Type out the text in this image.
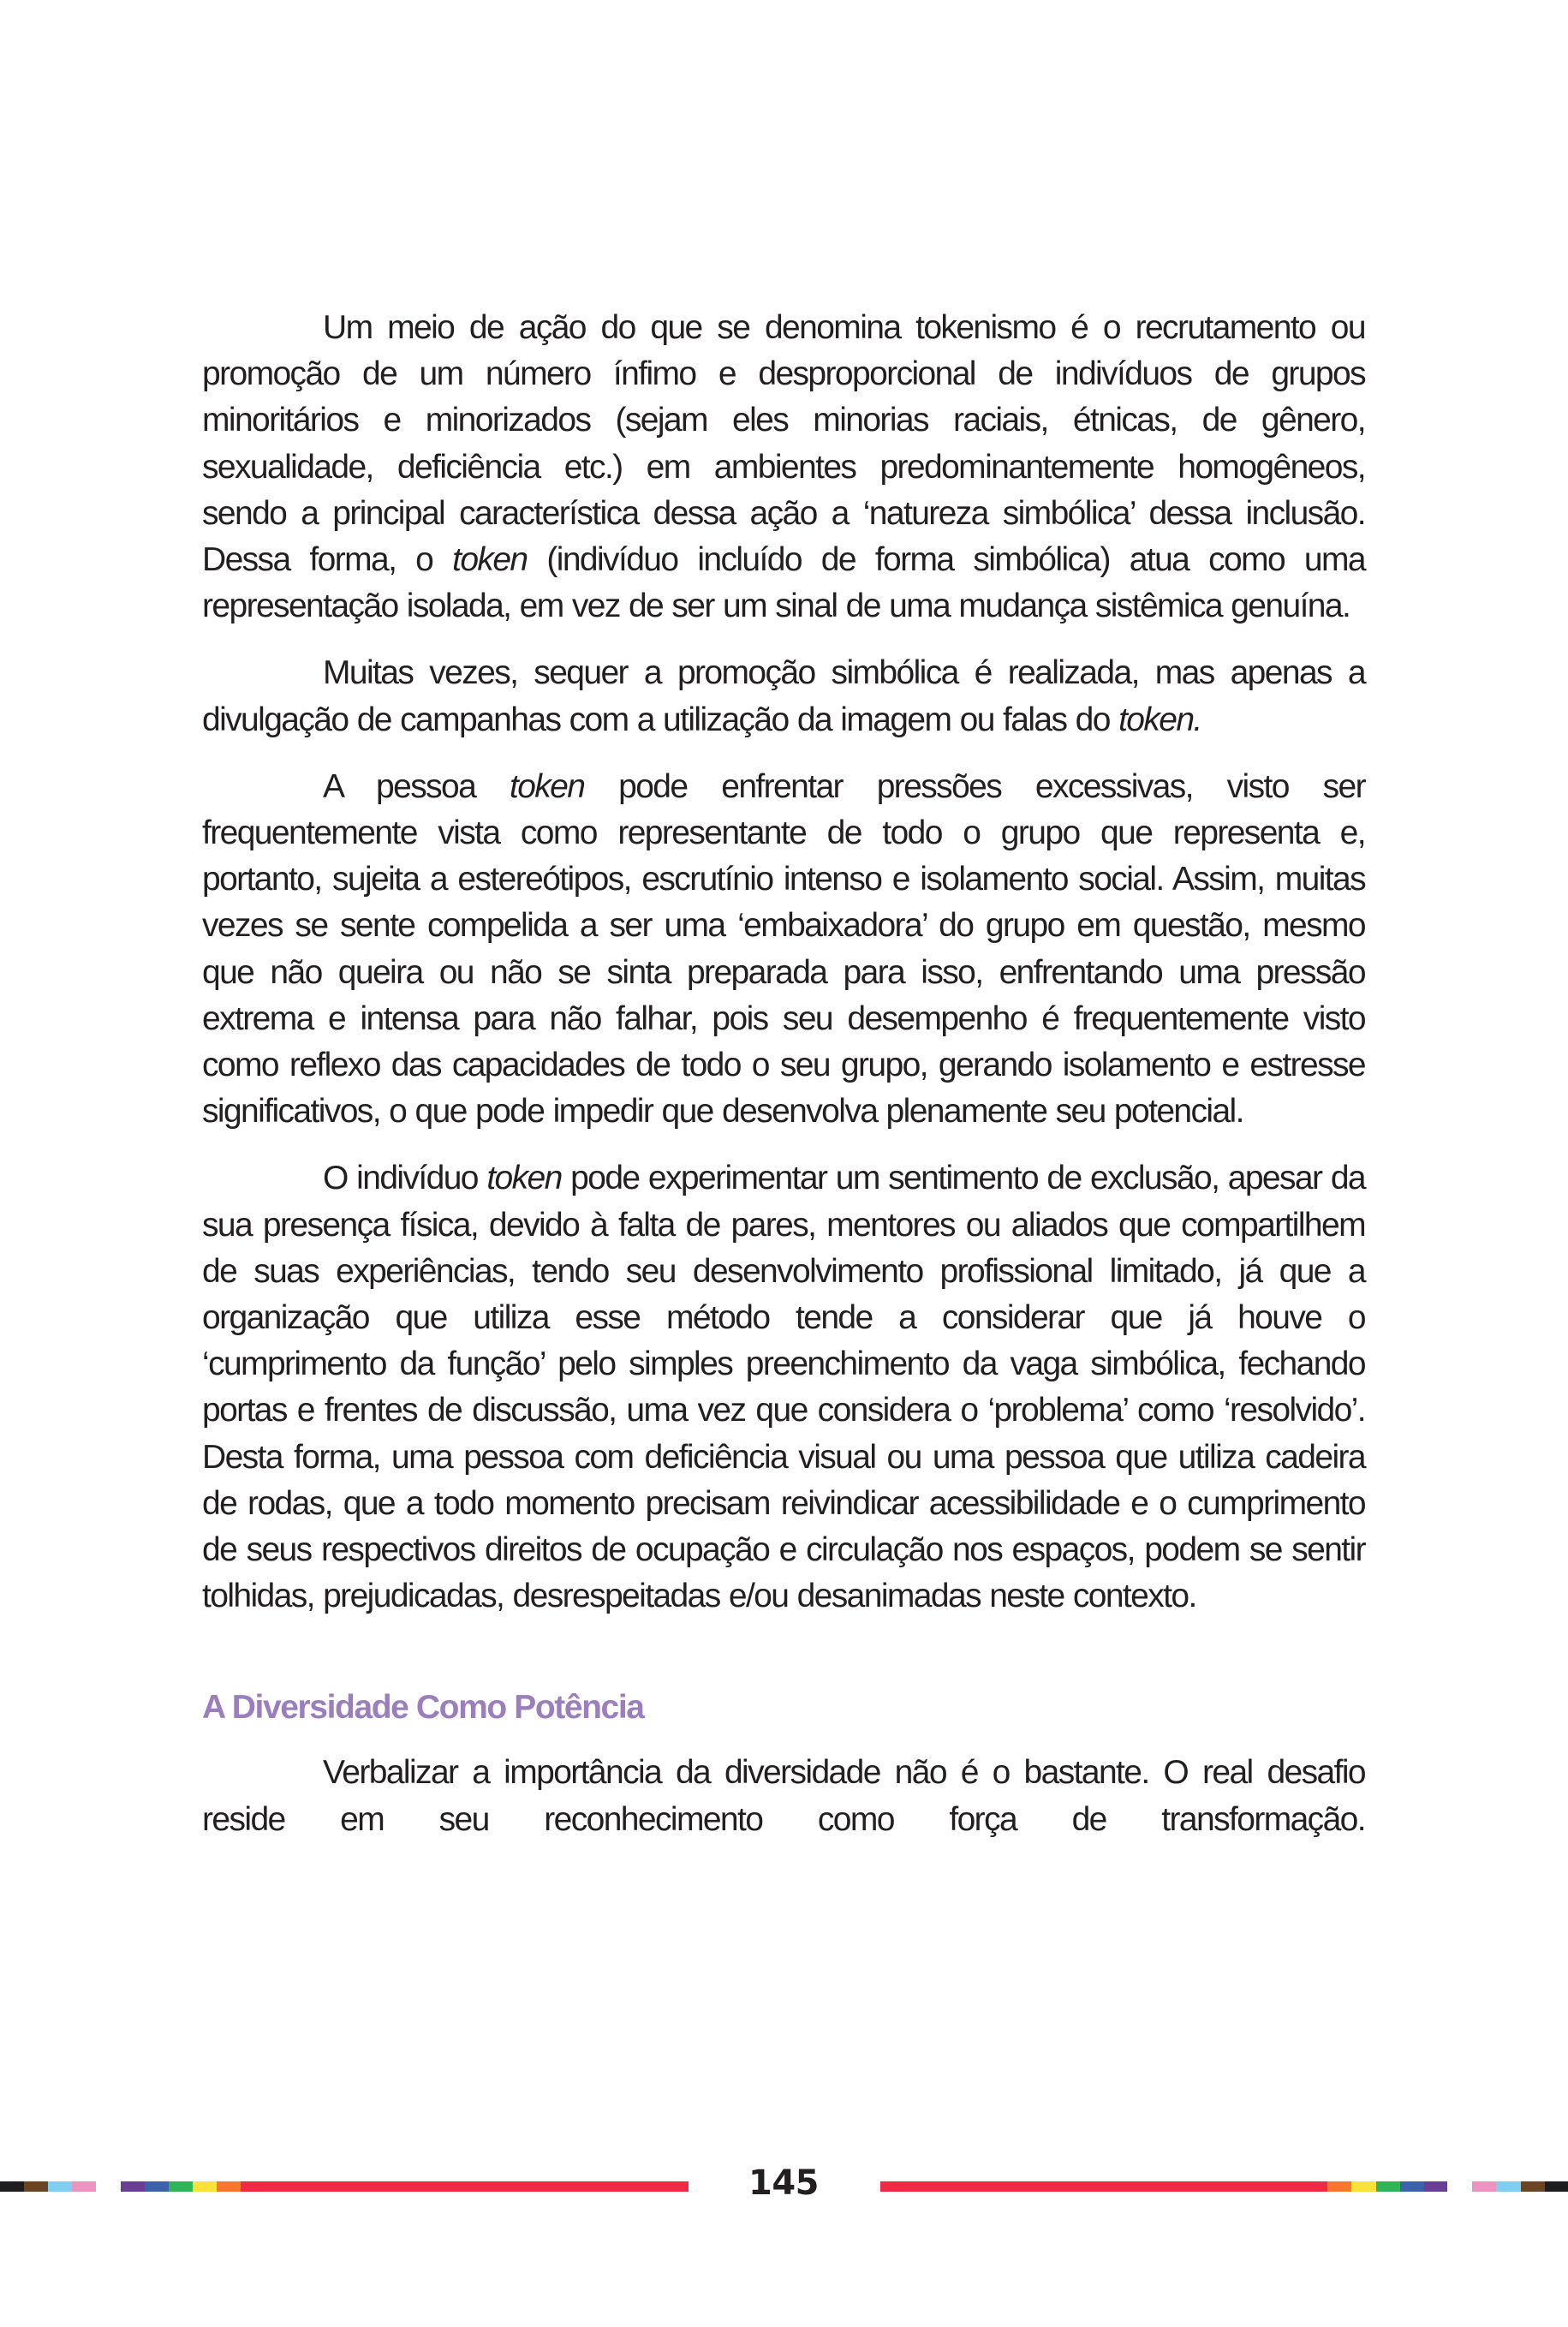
Um meio de ação do que se denomina tokenismo é o recrutamento ou promoção de um número ínfimo e desproporcional de indivíduos de grupos minoritários e minorizados (sejam eles minorias raciais, étnicas, de gênero, sexualidade, deficiência etc.) em ambientes predominantemente homogêneos, sendo a principal característica dessa ação a ‘natureza simbólica’ dessa inclusão. Dessa forma, o token (indivíduo incluído de forma simbólica) atua como uma representação isolada, em vez de ser um sinal de uma mudança sistêmica genuína.

Muitas vezes, sequer a promoção simbólica é realizada, mas apenas a divulgação de campanhas com a utilização da imagem ou falas do token.

A pessoa token pode enfrentar pressões excessivas, visto ser frequentemente vista como representante de todo o grupo que representa e, portanto, sujeita a estereótipos, escrutínio intenso e isolamento social. Assim, muitas vezes se sente compelida a ser uma ‘embaixadora’ do grupo em questão, mesmo que não queira ou não se sinta preparada para isso, enfrentando uma pressão extrema e intensa para não falhar, pois seu desempenho é frequentemente visto como reflexo das capacidades de todo o seu grupo, gerando isolamento e estresse significativos, o que pode impedir que desenvolva plenamente seu potencial.

O indivíduo token pode experimentar um sentimento de exclusão, apesar da sua presença física, devido à falta de pares, mentores ou aliados que compartilhem de suas experiências, tendo seu desenvolvimento profissional limitado, já que a organização que utiliza esse método tende a considerar que já houve o ‘cumprimento da função’ pelo simples preenchimento da vaga simbólica, fechando portas e frentes de discussão, uma vez que considera o ‘problema’ como ‘resolvido’. Desta forma, uma pessoa com deficiência visual ou uma pessoa que utiliza cadeira de rodas, que a todo momento precisam reivindicar acessibilidade e o cumprimento de seus respectivos direitos de ocupação e circulação nos espaços, podem se sentir tolhidas, prejudicadas, desrespeitadas e/ou desanimadas neste contexto.

A Diversidade Como Potência

Verbalizar a importância da diversidade não é o bastante. O real desafio reside em seu reconhecimento como força de transformação.

145
